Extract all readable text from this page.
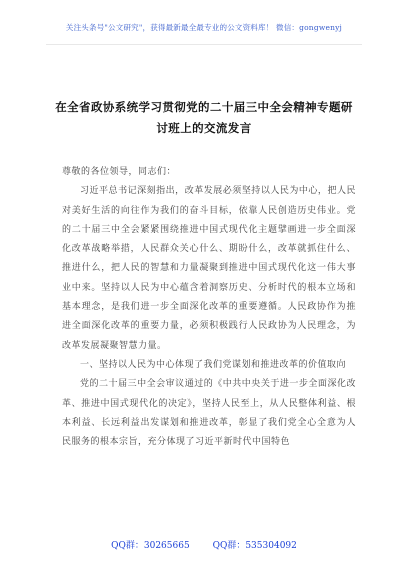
关注头条号"公文研究"，获得最新最全最专业的公文资料库！ 微信：gongwenyj
在全省政协系统学习贯彻党的二十届三中全会精神专题研
讨班上的交流发言

尊敬的各位领导，同志们：

习近平总书记深刻指出，改革发展必须坚持以人民为中心，把人民对美好生活的向往作为我们的奋斗目标，依靠人民创造历史伟业。党的二十届三中全会紧紧围绕推进中国式现代化主题擘画进一步全面深化改革战略举措，人民群众关心什么、期盼什么，改革就抓住什么、推进什么，把人民的智慧和力量凝聚到推进中国式现代化这一伟大事业中来。坚持以人民为中心蕴含着洞察历史、分析时代的根本立场和基本理念，是我们进一步全面深化改革的重要遵循。人民政协作为推进全面深化改革的重要力量，必须积极践行人民政协为人民理念，为改革发展凝聚智慧力量。

一、坚持以人民为中心体现了我们党谋划和推进改革的价值取向

党的二十届三中全会审议通过的《中共中央关于进一步全面深化改革、推进中国式现代化的决定》，坚持人民至上，从人民整体利益、根本利益、长远利益出发谋划和推进改革，彰显了我们党全心全意为人民服务的根本宗旨，充分体现了习近平新时代中国特色

QQ群：30265665	QQ群：535304092
